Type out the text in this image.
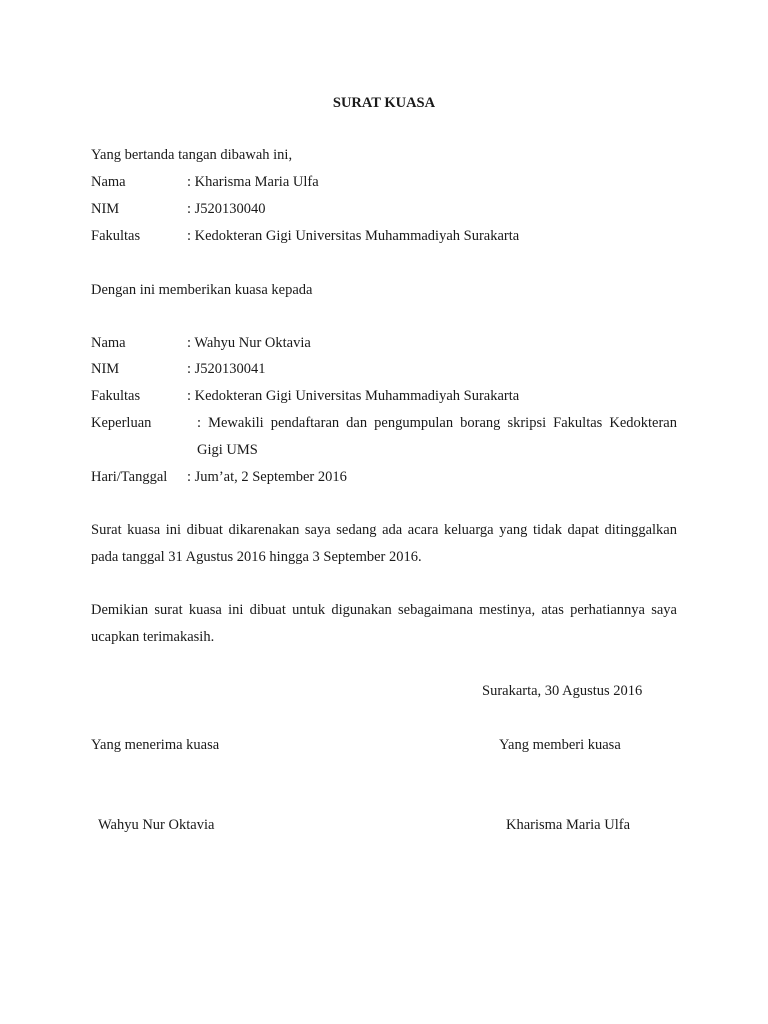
SURAT KUASA
Yang bertanda tangan dibawah ini,
Nama	: Kharisma Maria Ulfa
NIM	: J520130040
Fakultas	: Kedokteran Gigi Universitas Muhammadiyah Surakarta
Dengan ini memberikan kuasa kepada
Nama	: Wahyu Nur Oktavia
NIM	: J520130041
Fakultas	: Kedokteran Gigi Universitas Muhammadiyah Surakarta
Keperluan	: Mewakili pendaftaran dan pengumpulan borang skripsi Fakultas Kedokteran Gigi UMS
Hari/Tanggal : Jum’at, 2 September 2016
Surat kuasa ini dibuat dikarenakan saya sedang ada acara keluarga yang tidak dapat ditinggalkan pada tanggal 31 Agustus 2016 hingga 3 September 2016.
Demikian surat kuasa ini dibuat untuk digunakan sebagaimana mestinya, atas perhatiannya saya ucapkan terimakasih.
Surakarta, 30 Agustus 2016
Yang menerima kuasa	Yang memberi kuasa
Wahyu Nur Oktavia	Kharisma Maria Ulfa
